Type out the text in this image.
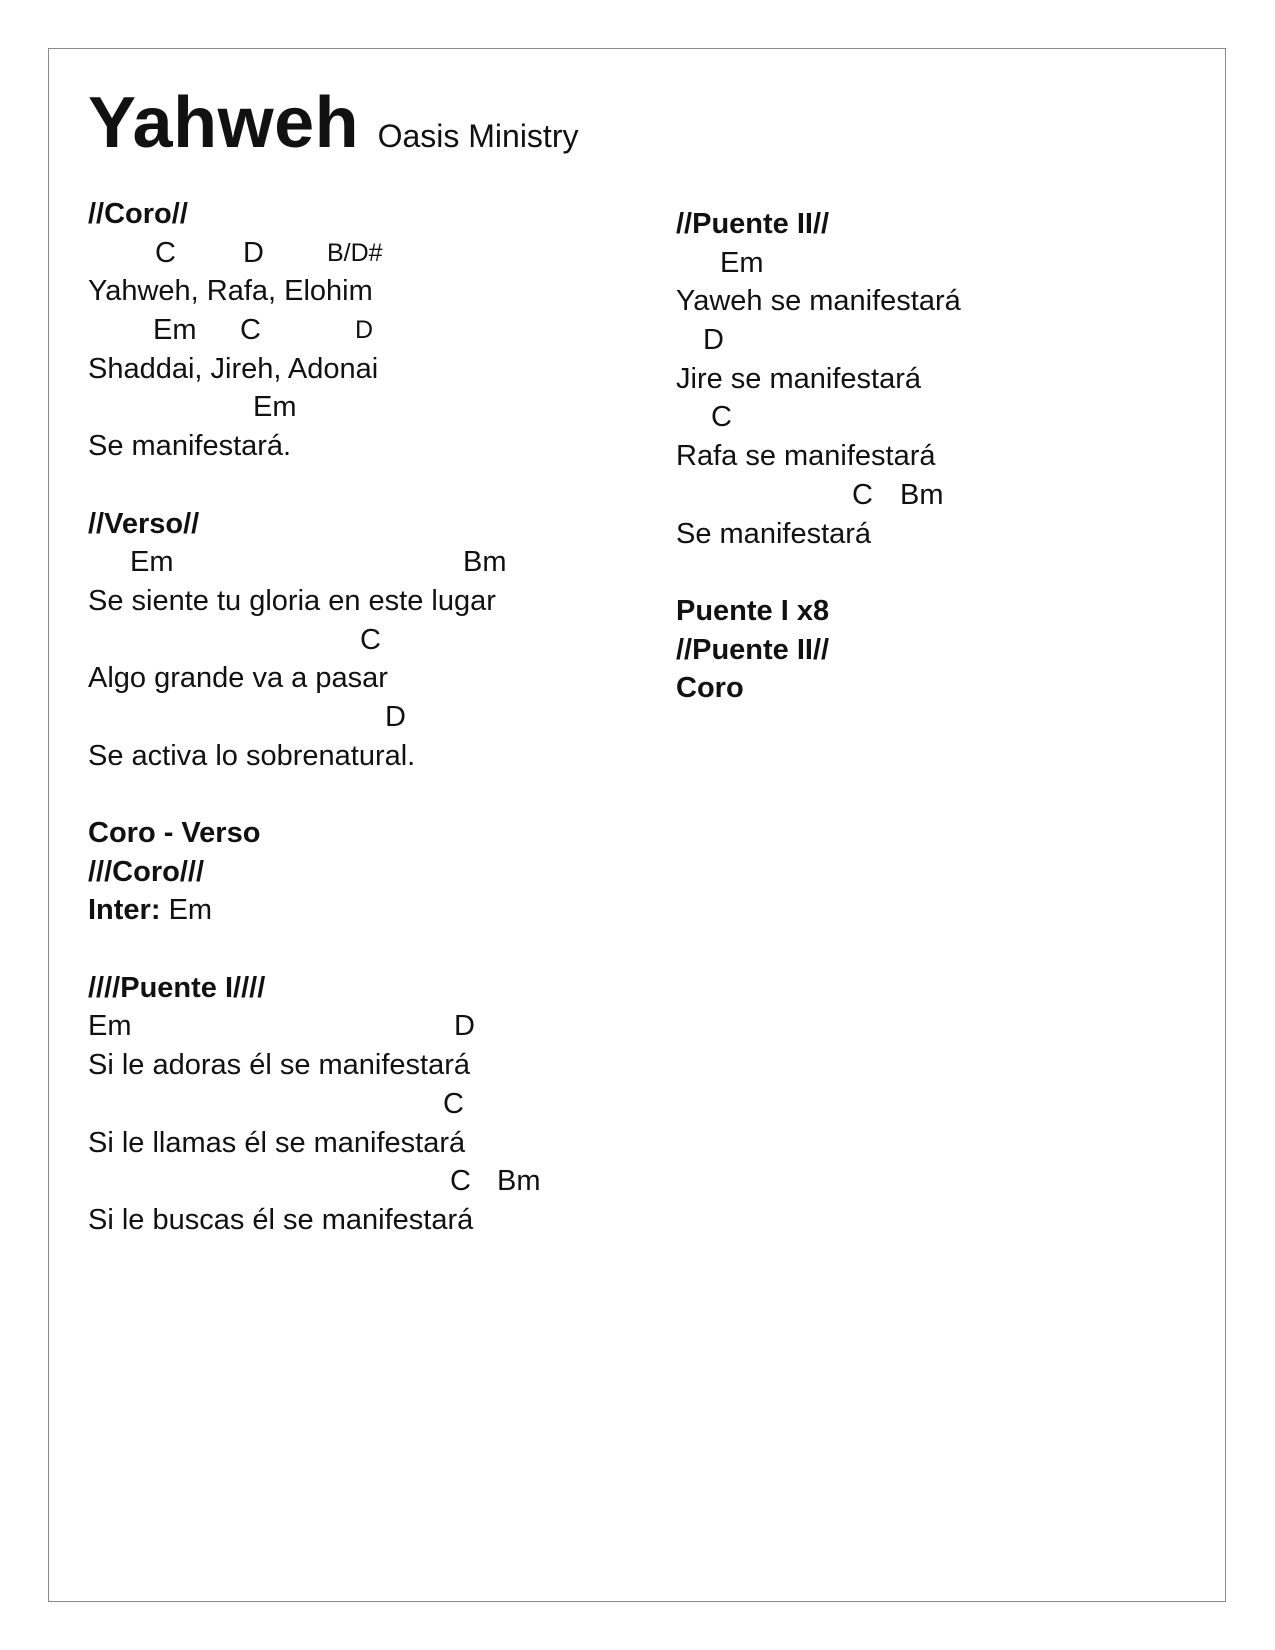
Yahweh Oasis Ministry
//Coro//
C D	B/D#
Yahweh, Rafa, Elohim
Em C	D
Shaddai, Jireh, Adonai
Em
Se manifestará.
//Verso//
Em	Bm
Se siente tu gloria en este lugar
C
Algo grande va a pasar
D
Se activa lo sobrenatural.
Coro - Verso
///Coro///
Inter: Em
////Puente I////
Em	D
Si le adoras él se manifestará
C
Si le llamas él se manifestará
C Bm
Si le buscas él se manifestará
//Puente II//
Em
Yaweh se manifestará
D
Jire se manifestará
C
Rafa se manifestará
C Bm
Se manifestará
Puente I x8
//Puente II//
Coro
